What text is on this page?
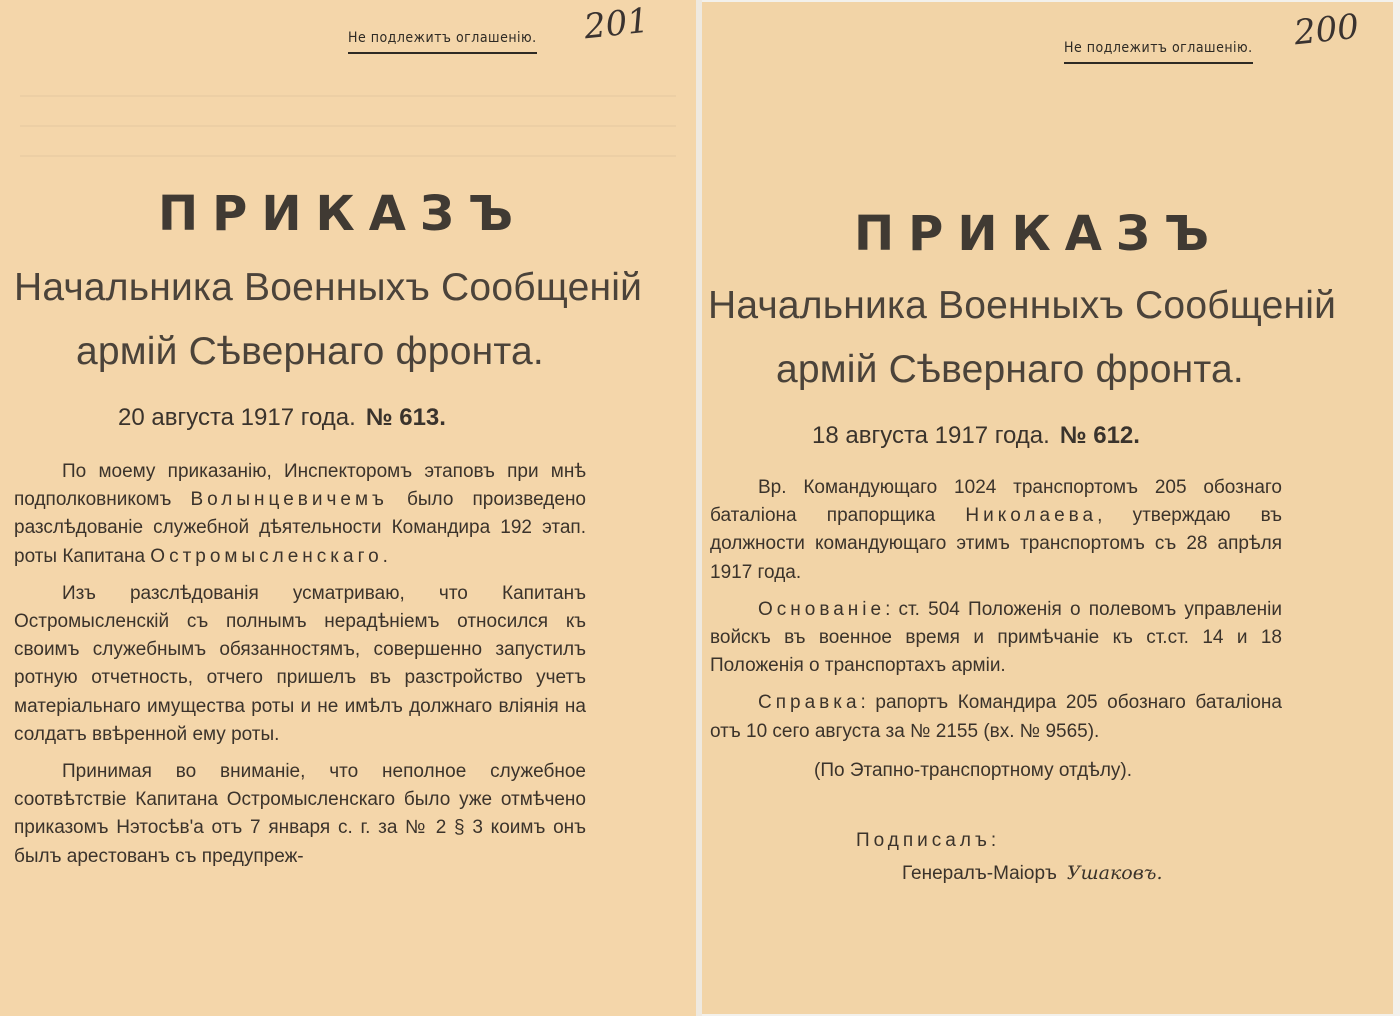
Не подлежитъ оглашенію. 201
ПРИКАЗЪ
Начальника Военныхъ Сообщеній
армій Сѣвернаго фронта.
20 августа 1917 года. № 613.

По моему приказанію, Инспекторомъ этаповъ при мнѣ подполковникомъ Волынцевичемъ было произведено разслѣдованіе служебной дѣятельности Командира 192 этап. роты Капитана Остромысленскаго.

Изъ разслѣдованія усматриваю, что Капитанъ Остромысленскій съ полнымъ нерадѣніемъ относился къ своимъ служебнымъ обязанностямъ, совершенно запустилъ ротную отчетность, отчего пришелъ въ разстройство учетъ матеріальнаго имущества роты и не имѣлъ должнаго вліянія на солдатъ ввѣренной ему роты.

Принимая во вниманіе, что неполное служебное соотвѣтствіе Капитана Остромысленскаго было уже отмѣчено приказомъ Нэтосѣв'а отъ 7 января с. г. за № 2 § 3 коимъ онъ былъ арестованъ съ предупреж-

Не подлежитъ оглашенію. 200
ПРИКАЗЪ
Начальника Военныхъ Сообщеній
армій Сѣвернаго фронта.
18 августа 1917 года. № 612.

Вр. Командующаго 1024 транспортомъ 205 обознаго баталіона прапорщика Николаева, утверждаю въ должности командующаго этимъ транспортомъ съ 28 апрѣля 1917 года.

Основаніе: ст. 504 Положенія о полевомъ управленіи войскъ въ военное время и примѣчаніе къ ст.ст. 14 и 18 Положенія о транспортахъ арміи.

Справка: рапортъ Командира 205 обознаго баталіона отъ 10 сего августа за № 2155 (вх. № 9565).

(По Этапно-транспортному отдѣлу).
Подписалъ:
Генералъ-Маіоръ Ушаковъ.
